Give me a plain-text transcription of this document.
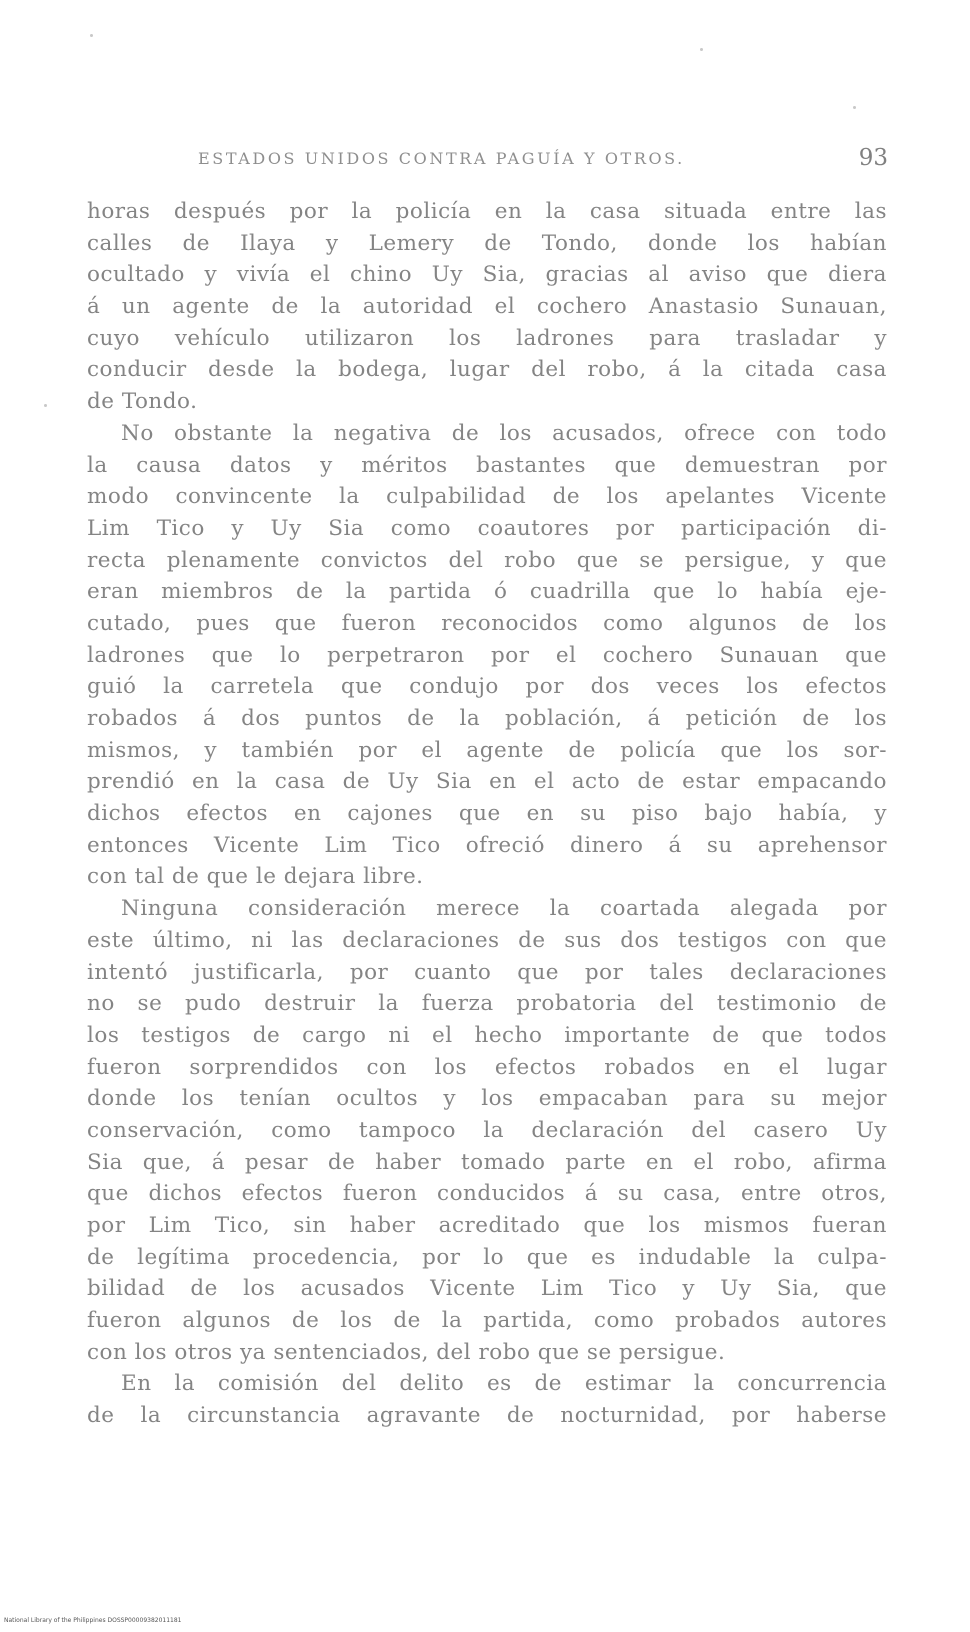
ESTADOS UNIDOS CONTRA PAGUÍA Y OTROS.	93
horas después por la policía en la casa situada entre las
calles de Ilaya y Lemery de Tondo, donde los habían
ocultado y vivía el chino Uy Sia, gracias al aviso que diera
á un agente de la autoridad el cochero Anastasio Sunauan,
cuyo vehículo utilizaron los ladrones para trasladar y
conducir desde la bodega, lugar del robo, á la citada casa
de Tondo.
No obstante la negativa de los acusados, ofrece con todo
la causa datos y méritos bastantes que demuestran por
modo convincente la culpabilidad de los apelantes Vicente
Lim Tico y Uy Sia como coautores por participación di-
recta plenamente convictos del robo que se persigue, y que
eran miembros de la partida ó cuadrilla que lo había eje-
cutado, pues que fueron reconocidos como algunos de los
ladrones que lo perpetraron por el cochero Sunauan que
guió la carretela que condujo por dos veces los efectos
robados á dos puntos de la población, á petición de los
mismos, y también por el agente de policía que los sor-
prendió en la casa de Uy Sia en el acto de estar empacando
dichos efectos en cajones que en su piso bajo había, y
entonces Vicente Lim Tico ofreció dinero á su aprehensor
con tal de que le dejara libre.
Ninguna consideración merece la coartada alegada por
este último, ni las declaraciones de sus dos testigos con que
intentó justificarla, por cuanto que por tales declaraciones
no se pudo destruir la fuerza probatoria del testimonio de
los testigos de cargo ni el hecho importante de que todos
fueron sorprendidos con los efectos robados en el lugar
donde los tenían ocultos y los empacaban para su mejor
conservación, como tampoco la declaración del casero Uy
Sia que, á pesar de haber tomado parte en el robo, afirma
que dichos efectos fueron conducidos á su casa, entre otros,
por Lim Tico, sin haber acreditado que los mismos fueran
de legítima procedencia, por lo que es indudable la culpa-
bilidad de los acusados Vicente Lim Tico y Uy Sia, que
fueron algunos de los de la partida, como probados autores
con los otros ya sentenciados, del robo que se persigue.
En la comisión del delito es de estimar la concurrencia
de la circunstancia agravante de nocturnidad, por haberse
National Library of the Philippines DOSSP00009382011181
